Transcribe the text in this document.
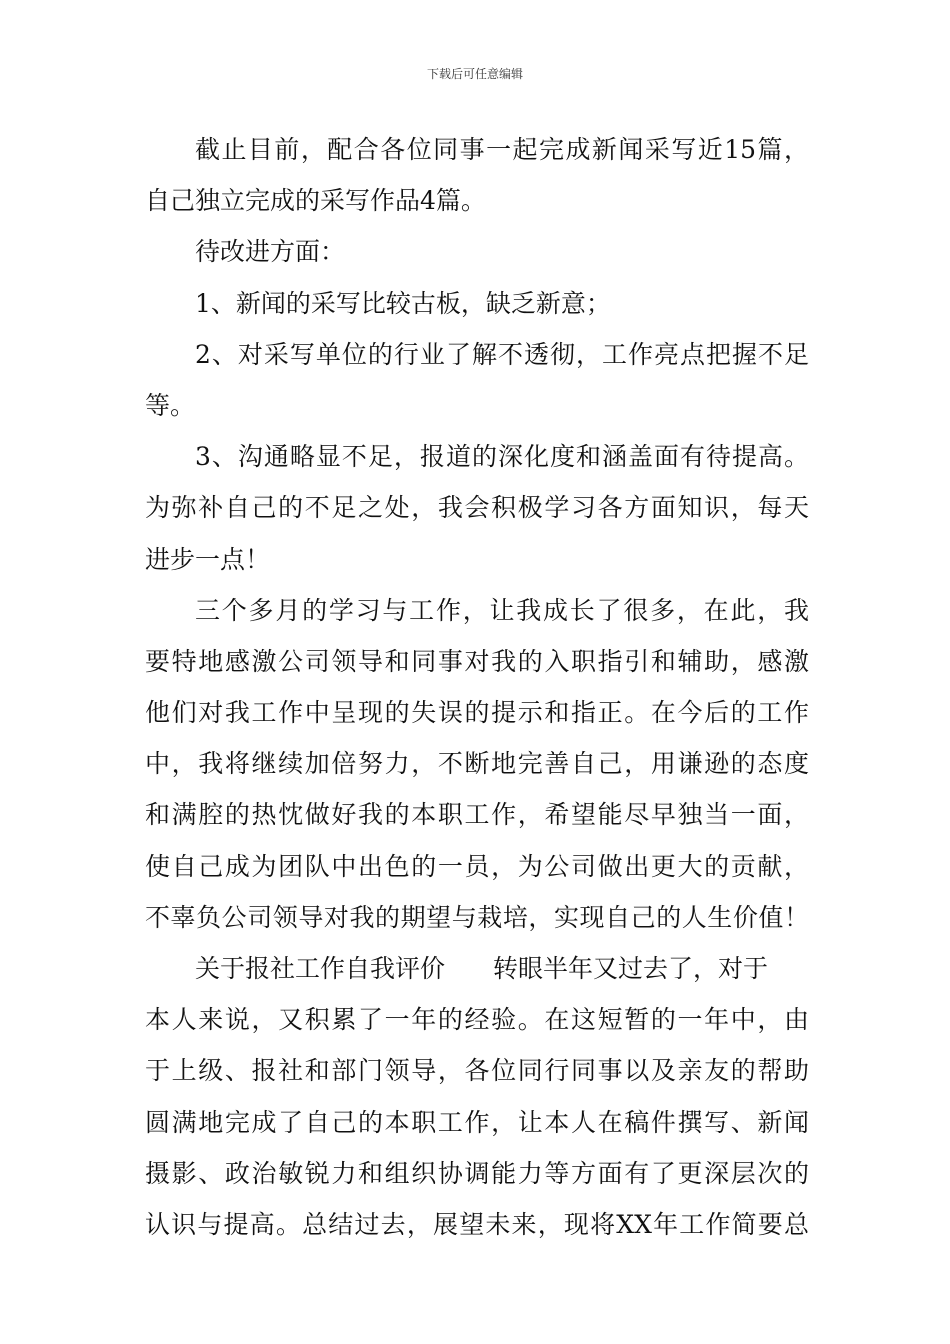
下载后可任意编辑
截止目前，配合各位同事一起完成新闻采写近15篇，
自己独立完成的采写作品4篇。
待改进方面：
1、新闻的采写比较古板，缺乏新意；
2、对采写单位的行业了解不透彻，工作亮点把握不足
等。
3、沟通略显不足，报道的深化度和涵盖面有待提高。
为弥补自己的不足之处，我会积极学习各方面知识，每天
进步一点！
三个多月的学习与工作，让我成长了很多，在此，我
要特地感激公司领导和同事对我的入职指引和辅助，感激
他们对我工作中呈现的失误的提示和指正。在今后的工作
中，我将继续加倍努力，不断地完善自己，用谦逊的态度
和满腔的热忱做好我的本职工作，希望能尽早独当一面，
使自己成为团队中出色的一员，为公司做出更大的贡献，
不辜负公司领导对我的期望与栽培，实现自己的人生价值！
关于报社工作自我评价 转眼半年又过去了，对于
本人来说，又积累了一年的经验。在这短暂的一年中，由
于上级、报社和部门领导，各位同行同事以及亲友的帮助
圆满地完成了自己的本职工作，让本人在稿件撰写、新闻
摄影、政治敏锐力和组织协调能力等方面有了更深层次的
认识与提高。总结过去，展望未来，现将XX年工作简要总
